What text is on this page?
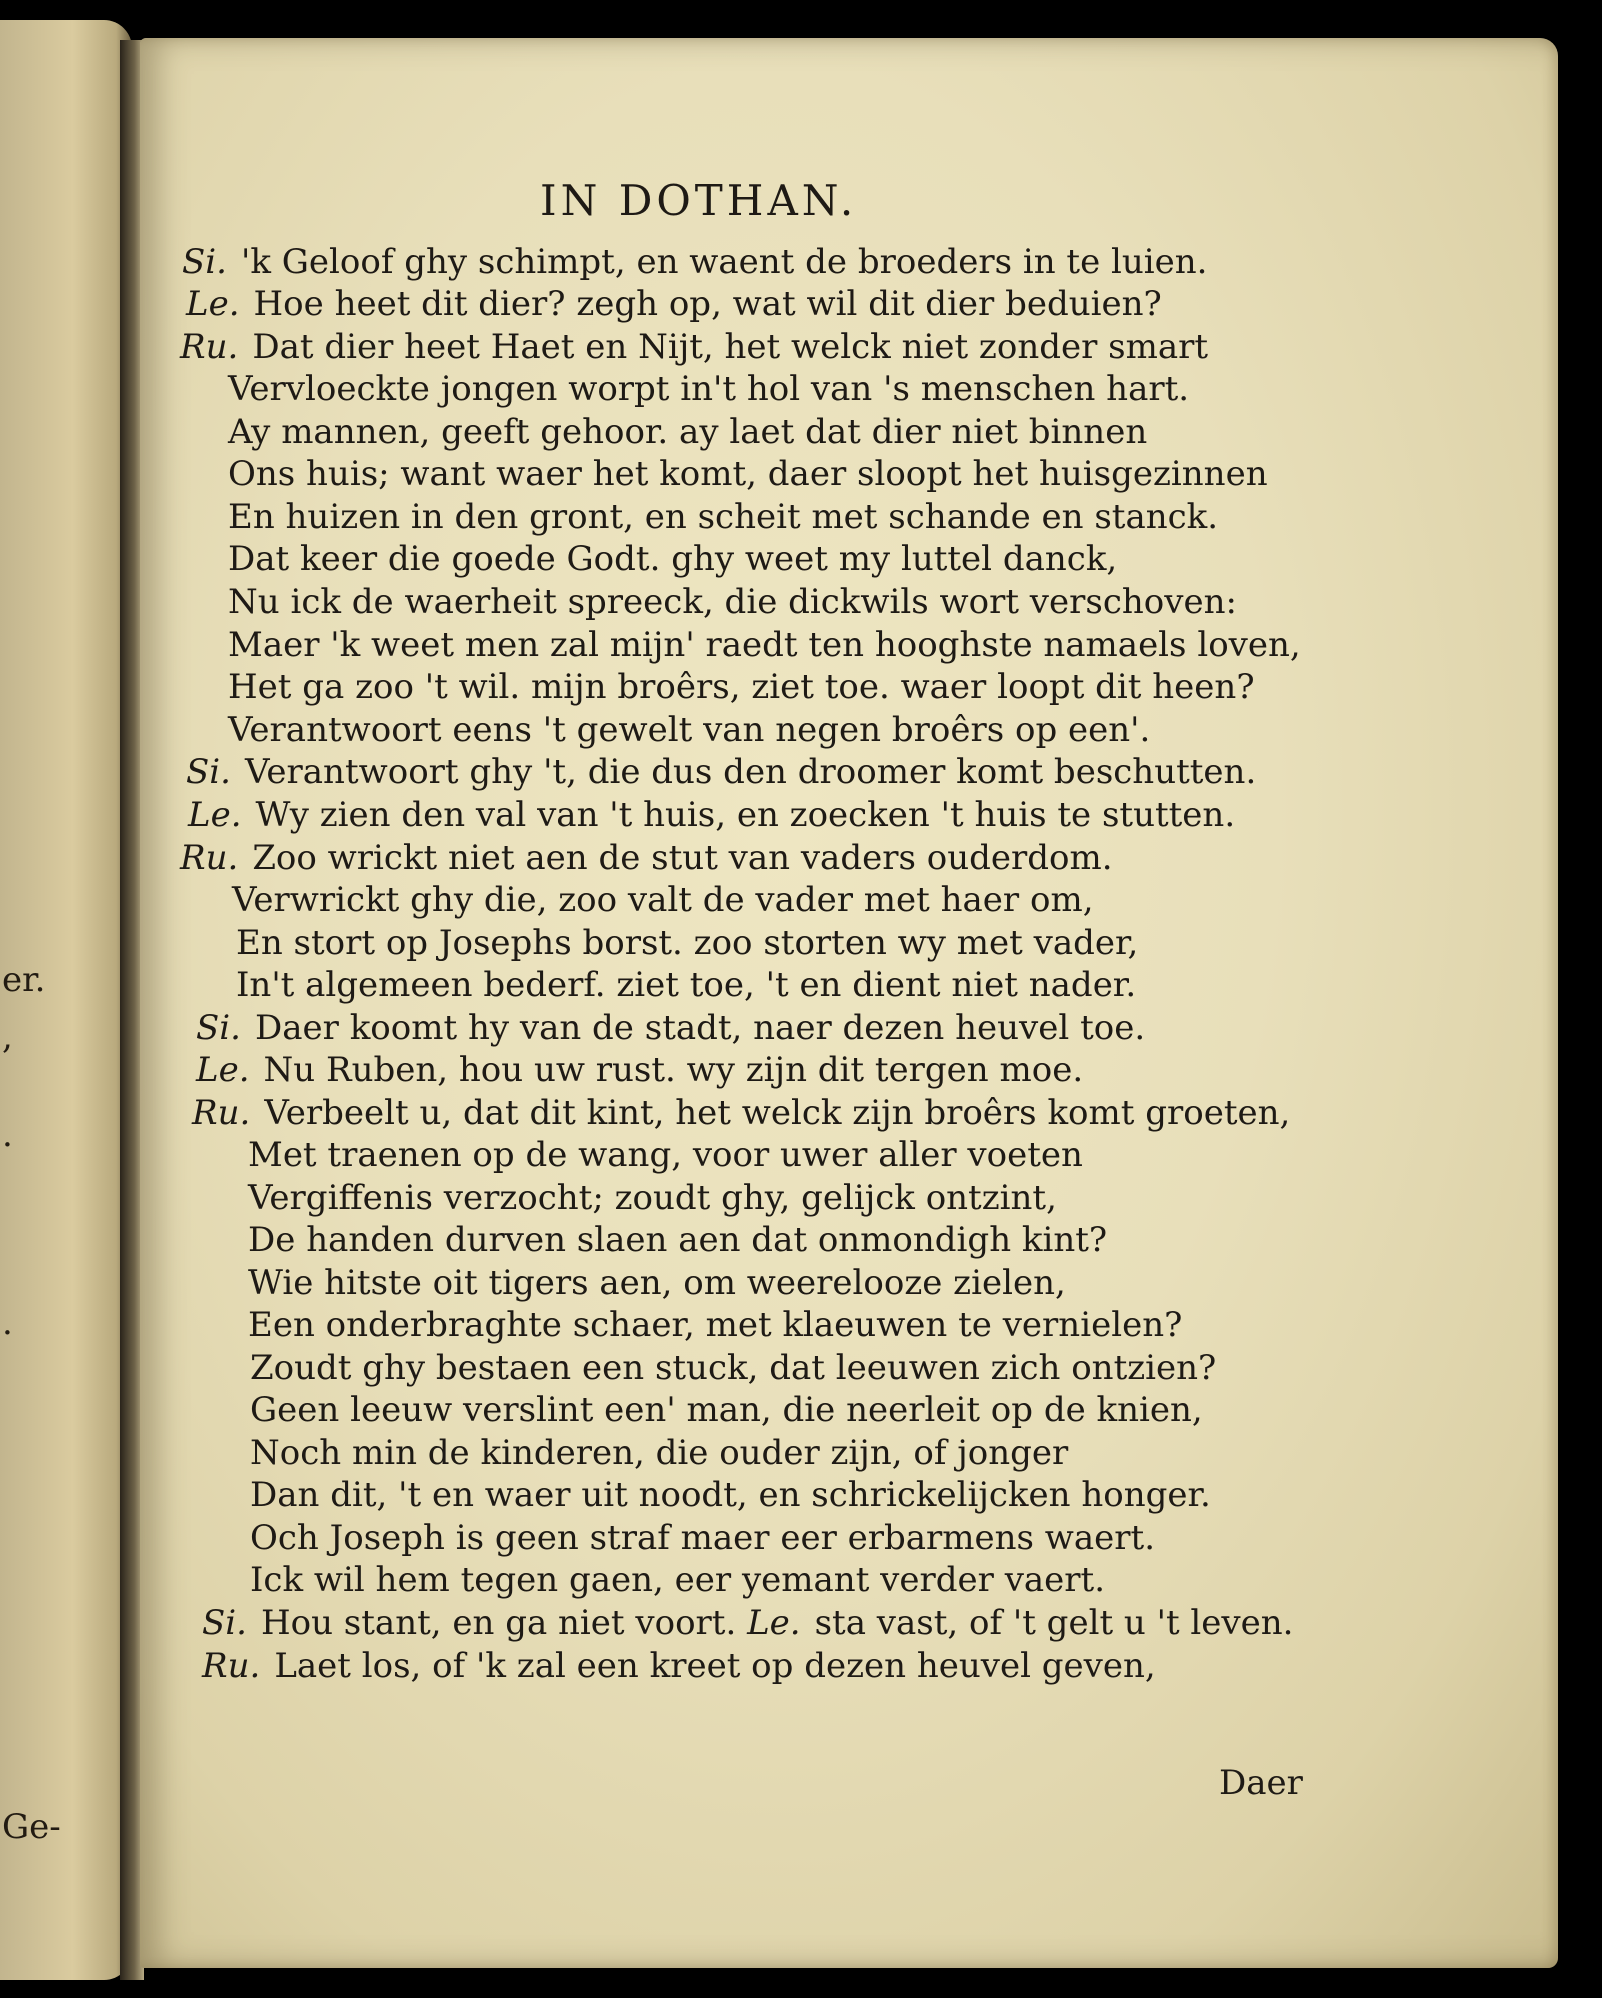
er.
,
.
.
Ge-
IN DOTHAN.
Si. 'k Geloof ghy schimpt, en waent de broeders in te luien.
Le. Hoe heet dit dier? zegh op, wat wil dit dier beduien?
Ru. Dat dier heet Haet en Nijt, het welck niet zonder smart
Vervloeckte jongen worpt in't hol van 's menschen hart.
Ay mannen, geeft gehoor. ay laet dat dier niet binnen
Ons huis; want waer het komt, daer sloopt het huisgezinnen
En huizen in den gront, en scheit met schande en stanck.
Dat keer die goede Godt. ghy weet my luttel danck,
Nu ick de waerheit spreeck, die dickwils wort verschoven:
Maer 'k weet men zal mijn' raedt ten hooghste namaels loven,
Het ga zoo 't wil. mijn broêrs, ziet toe. waer loopt dit heen?
Verantwoort eens 't gewelt van negen broêrs op een'.
Si. Verantwoort ghy 't, die dus den droomer komt beschutten.
Le. Wy zien den val van 't huis, en zoecken 't huis te stutten.
Ru. Zoo wrickt niet aen de stut van vaders ouderdom.
Verwrickt ghy die, zoo valt de vader met haer om,
En stort op Josephs borst. zoo storten wy met vader,
In't algemeen bederf. ziet toe, 't en dient niet nader.
Si. Daer koomt hy van de stadt, naer dezen heuvel toe.
Le. Nu Ruben, hou uw rust. wy zijn dit tergen moe.
Ru. Verbeelt u, dat dit kint, het welck zijn broêrs komt groeten,
Met traenen op de wang, voor uwer aller voeten
Vergiffenis verzocht; zoudt ghy, gelijck ontzint,
De handen durven slaen aen dat onmondigh kint?
Wie hitste oit tigers aen, om weerelooze zielen,
Een onderbraghte schaer, met klaeuwen te vernielen?
Zoudt ghy bestaen een stuck, dat leeuwen zich ontzien?
Geen leeuw verslint een' man, die neerleit op de knien,
Noch min de kinderen, die ouder zijn, of jonger
Dan dit, 't en waer uit noodt, en schrickelijcken honger.
Och Joseph is geen straf maer eer erbarmens waert.
Ick wil hem tegen gaen, eer yemant verder vaert.
Si. Hou stant, en ga niet voort. Le. sta vast, of 't gelt u 't leven.
Ru. Laet los, of 'k zal een kreet op dezen heuvel geven,
Daer
